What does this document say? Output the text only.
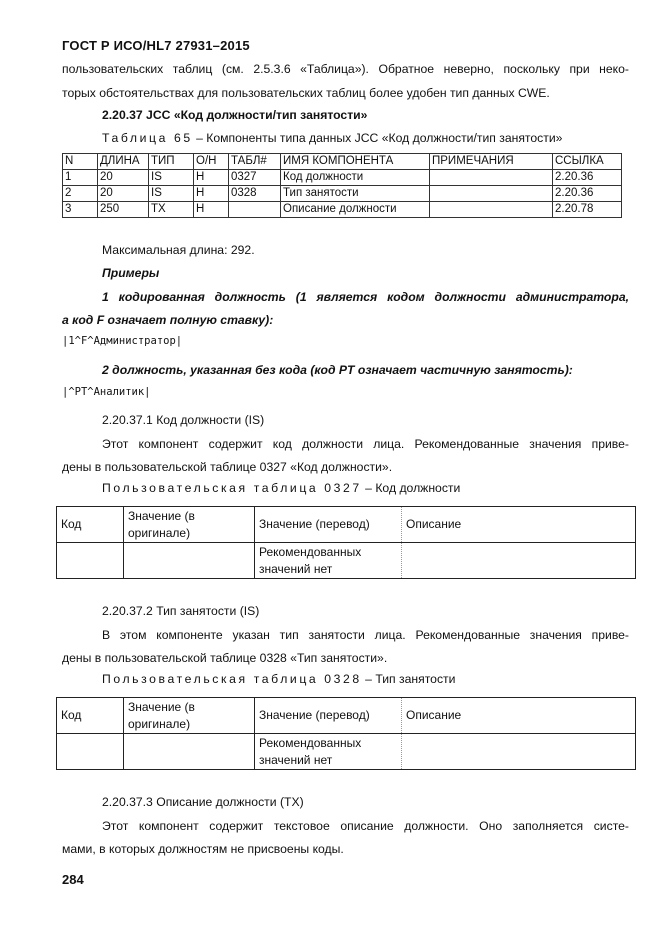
ГОСТ Р ИСО/HL7 27931–2015
пользовательских таблиц (см. 2.5.3.6 «Таблица»). Обратное неверно, поскольку при неко-
торых обстоятельствах для пользовательских таблиц более удобен тип данных CWE.
2.20.37 JCC «Код должности/тип занятости»
Таблица 65 – Компоненты типа данных JCC «Код должности/тип занятости»
N	ДЛИНА	ТИП	О/Н	ТАБЛ#	ИМЯ КОМПОНЕНТА	ПРИМЕЧАНИЯ	ССЫЛКА
1	20	IS	H	0327	Код должности		2.20.36
2	20	IS	H	0328	Тип занятости		2.20.36
3	250	TX	H		Описание должности		2.20.78
Максимальная длина: 292.
Примеры
1 кодированная должность (1 является кодом должности администратора,
а код F означает полную ставку):
|1^F^Администратор|
2 должность, указанная без кода (код PT означает частичную занятость):
|^PT^Аналитик|
2.20.37.1 Код должности (IS)
Этот компонент содержит код должности лица. Рекомендованные значения приве-
дены в пользовательской таблице 0327 «Код должности».
Пользовательская таблица 0327 – Код должности
Код	Значение (в оригинале)	Значение (перевод)	Описание
		Рекомендованных значений нет	
2.20.37.2 Тип занятости (IS)
В этом компоненте указан тип занятости лица. Рекомендованные значения приве-
дены в пользовательской таблице 0328 «Тип занятости».
Пользовательская таблица 0328 – Тип занятости
Код	Значение (в оригинале)	Значение (перевод)	Описание
		Рекомендованных значений нет	
2.20.37.3 Описание должности (TX)
Этот компонент содержит текстовое описание должности. Оно заполняется систе-
мами, в которых должностям не присвоены коды.
284
